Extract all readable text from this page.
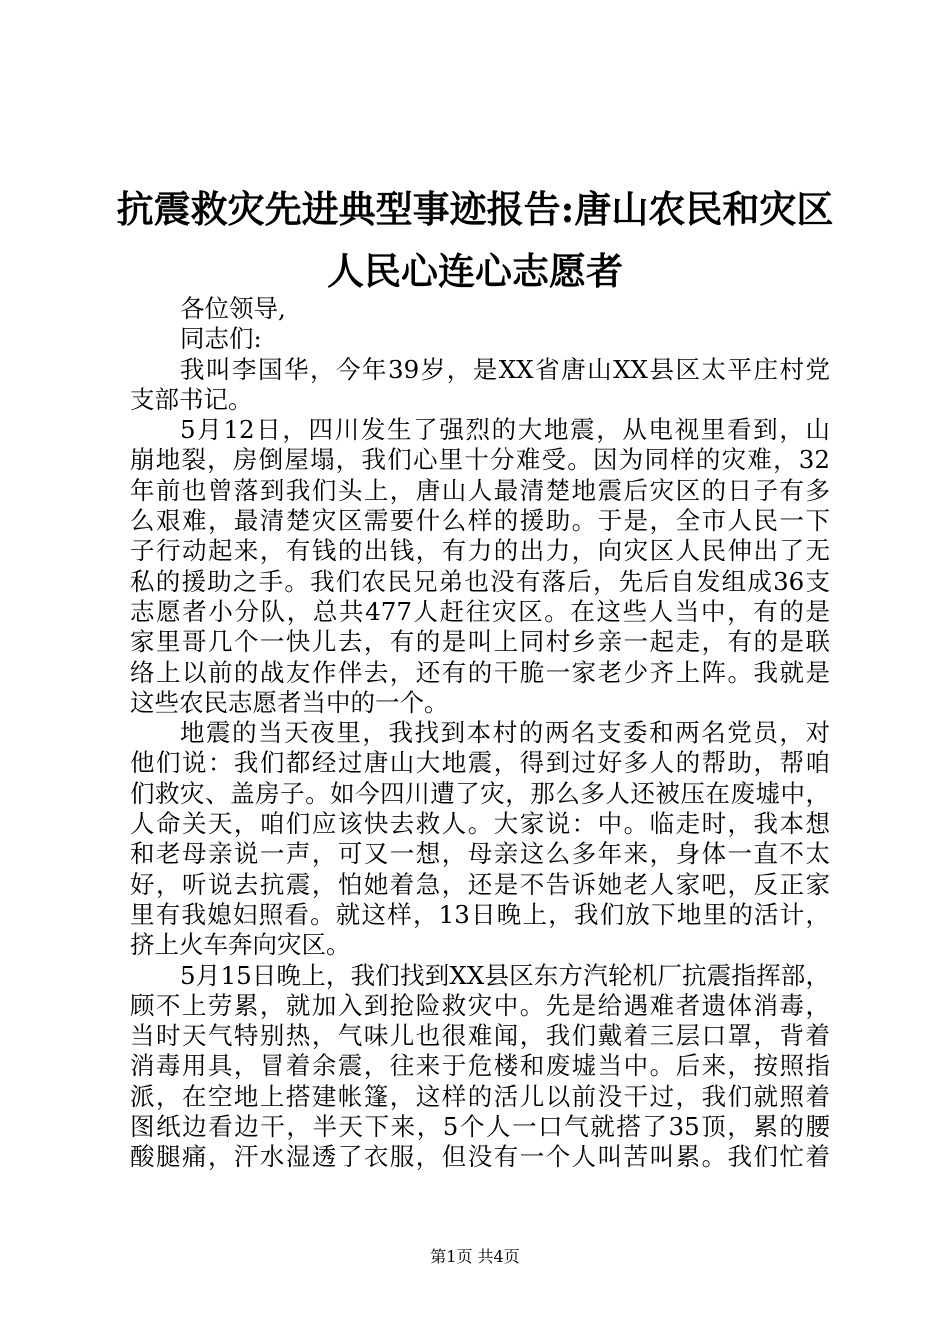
抗震救灾先进典型事迹报告:唐山农民和灾区
人民心连心志愿者
各位领导,
同志们:
我叫李国华，今年39岁，是XX省唐山XX县区太平庄村党
支部书记。
5月12日，四川发生了强烈的大地震，从电视里看到，山
崩地裂，房倒屋塌，我们心里十分难受。因为同样的灾难，32
年前也曾落到我们头上，唐山人最清楚地震后灾区的日子有多
么艰难，最清楚灾区需要什么样的援助。于是，全市人民一下
子行动起来，有钱的出钱，有力的出力，向灾区人民伸出了无
私的援助之手。我们农民兄弟也没有落后，先后自发组成36支
志愿者小分队，总共477人赶往灾区。在这些人当中，有的是
家里哥几个一快儿去，有的是叫上同村乡亲一起走，有的是联
络上以前的战友作伴去，还有的干脆一家老少齐上阵。我就是
这些农民志愿者当中的一个。
地震的当天夜里，我找到本村的两名支委和两名党员，对
他们说：我们都经过唐山大地震，得到过好多人的帮助，帮咱
们救灾、盖房子。如今四川遭了灾，那么多人还被压在废墟中，
人命关天，咱们应该快去救人。大家说：中。临走时，我本想
和老母亲说一声，可又一想，母亲这么多年来，身体一直不太
好，听说去抗震，怕她着急，还是不告诉她老人家吧，反正家
里有我媳妇照看。就这样，13日晚上，我们放下地里的活计，
挤上火车奔向灾区。
5月15日晚上，我们找到XX县区东方汽轮机厂抗震指挥部，
顾不上劳累，就加入到抢险救灾中。先是给遇难者遗体消毒，
当时天气特别热，气味儿也很难闻，我们戴着三层口罩，背着
消毒用具，冒着余震，往来于危楼和废墟当中。后来，按照指
派，在空地上搭建帐篷，这样的活儿以前没干过，我们就照着
图纸边看边干，半天下来，5个人一口气就搭了35顶，累的腰
酸腿痛，汗水湿透了衣服，但没有一个人叫苦叫累。我们忙着
第1页 共4页
